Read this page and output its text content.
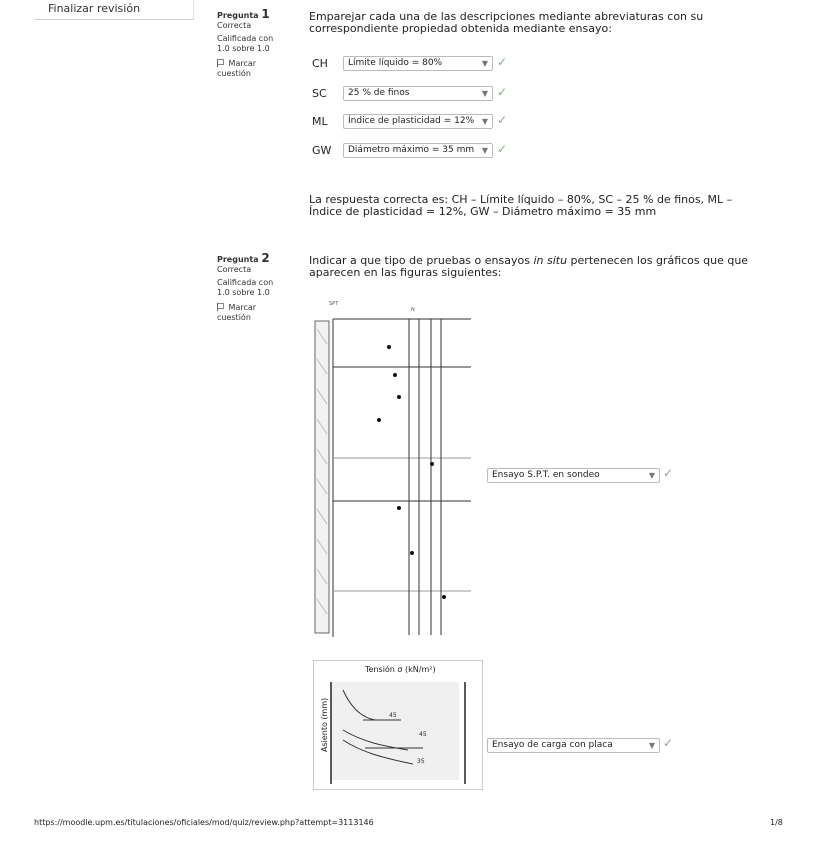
Finalizar revisión
Pregunta 1
Correcta
Calificada con
1.0 sobre 1.0
Marcar
cuestión
Emparejar cada una de las descripciones mediante abreviaturas con su
correspondiente propiedad obtenida mediante ensayo:
CH	Límite líquido = 80%	▼ ✓
SC	25 % de finos	▼ ✓
ML	Índice de plasticidad = 12% ▼ ✓
GW	Diámetro máximo = 35 mm ▼ ✓
La respuesta correcta es: CH – Límite líquido – 80%, SC – 25 % de finos, ML –
Índice de plasticidad = 12%, GW – Diámetro máximo = 35 mm
Pregunta 2
Correcta
Calificada con
1.0 sobre 1.0
Marcar
cuestión
Indicar a que tipo de pruebas o ensayos in situ pertenecen los gráficos que que
aparecen en las figuras siguientes:
SPT
N
Ensayo S.P.T. en sondeo	▼ ✓
Tensión σ (kN/m²)
Asiento (mm)	45
45
35
Ensayo de carga con placa	▼ ✓
https://moodle.upm.es/titulaciones/oficiales/mod/quiz/review.php?attempt=3113146	1/8
